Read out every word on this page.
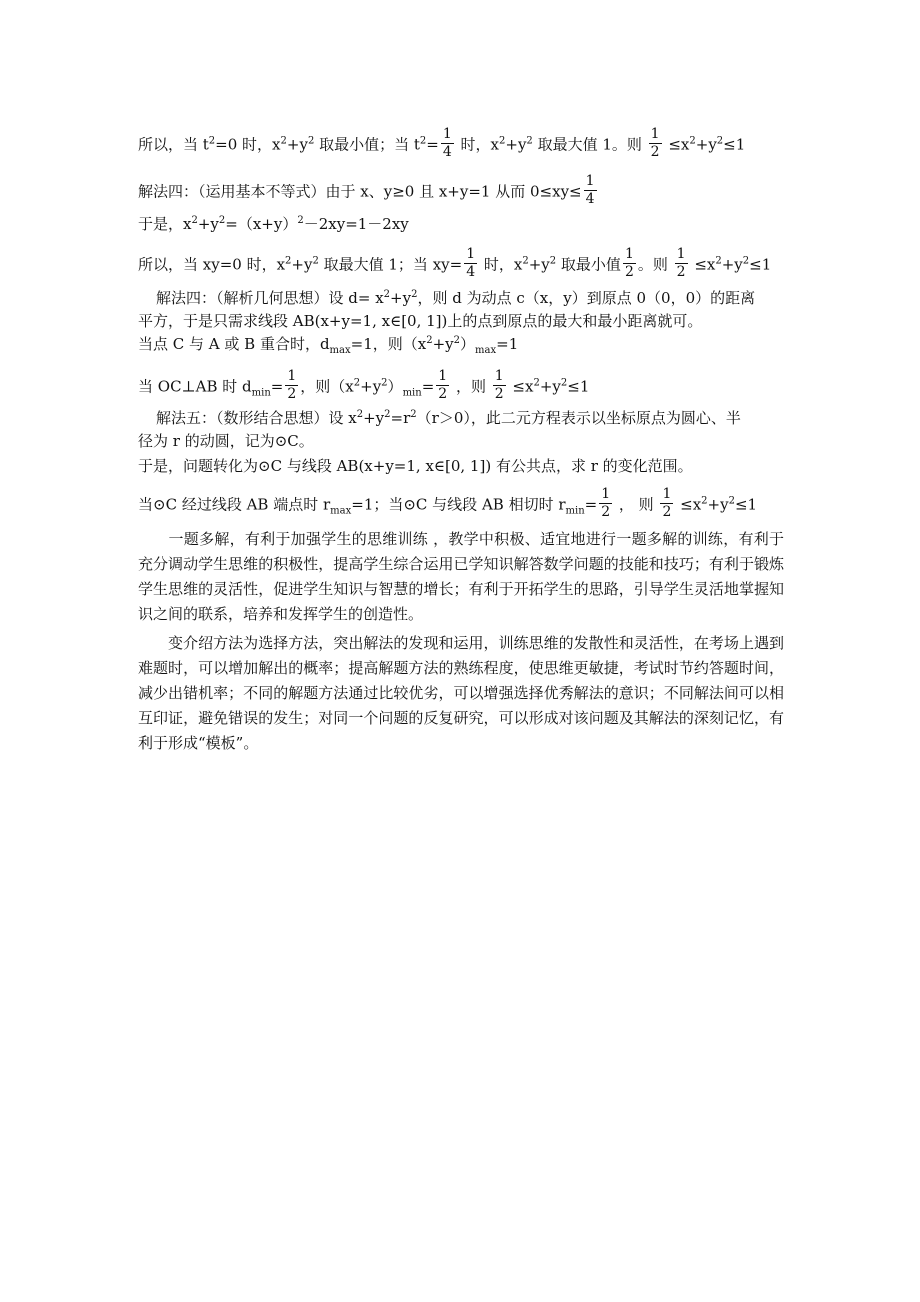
所以，当 $t^2=0$ 时，$x^2+y^2$ 取最小值；当 $t^2= \frac{1}{4}$ 时，$x^2+y^2$ 取最大值 1。则 $\frac{1}{2} \le x^2+y^2\le 1$
解法四：（运用基本不等式）由于 x、y≥0 且 x+y=1 从而 $0\le xy\le \frac{1}{4}$
于是，$x^2+y^2=(x+y)^2-2xy=1-2xy$
所以，当 xy=0 时，$x^2+y^2$ 取最大值 1；当 $xy= \frac{1}{4}$ 时，$x^2+y^2$ 取最小值 $\frac{1}{2}$ 。则 $\frac{1}{2} \le x^2+y^2\le 1$
解法四：（解析几何思想）设 $d= x^2+y^2$，则 d 为动点 c（x，y）到原点 0（0，0）的距离
平方，于是只需求线段 AB(x+y=1, x∈[0, 1])上的点到原点的最大和最小距离就可。
当点 C 与 A 或 B 重合时，$d_{max}=1$，则$(x^2+y^2)_{max}=1$
当 OC⊥AB 时 $d_{min}= \frac{1}{2}$ ，则$(x^2+y^2)_{min}= \frac{1}{2}$ ，则 $\frac{1}{2} \le x^2+y^2\le 1$
解法五：（数形结合思想）设 $x^2+y^2=r^2(r>0)$，此二元方程表示以坐标原点为圆心、半
径为 r 的动圆，记为⊙C。
于是，问题转化为⊙C 与线段 AB(x+y=1, x∈[0, 1]) 有公共点，求 r 的变化范围。
当⊙C 经过线段 AB 端点时 $r_{max}=1$；当⊙C 与线段 AB 相切时 $r_{min}= \frac{1}{2}$ ， 则 $\frac{1}{2} \le x^2+y^2\le 1$
　　一题多解，有利于加强学生的思维训练 ，教学中积极、适宜地进行一题多解的训练，有利于充分调动学生思维的积极性，提高学生综合运用已学知识解答数学问题的技能和技巧；有利于锻炼学生思维的灵活性，促进学生知识与智慧的增长；有利于开拓学生的思路，引导学生灵活地掌握知识之间的联系，培养和发挥学生的创造性。
　　变介绍方法为选择方法，突出解法的发现和运用，训练思维的发散性和灵活性，在考场上遇到难题时，可以增加解出的概率；提高解题方法的熟练程度，使思维更敏捷，考试时节约答题时间，减少出错机率；不同的解题方法通过比较优劣，可以增强选择优秀解法的意识；不同解法间可以相互印证，避免错误的发生；对同一个问题的反复研究，可以形成对该问题及其解法的深刻记忆，有利于形成“模板”。
